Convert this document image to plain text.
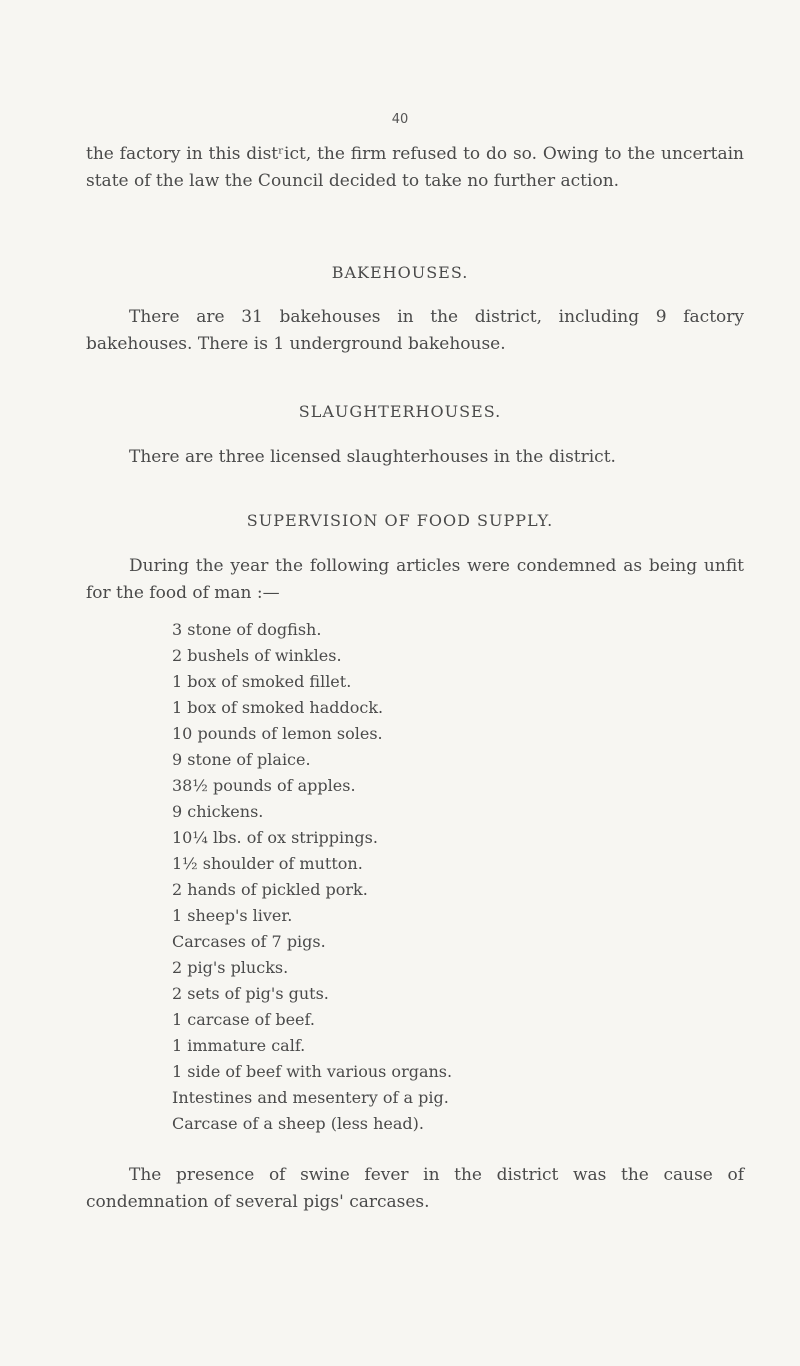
40

the factory in this distʳict, the firm refused to do so. Owing to the uncertain state of the law the Council decided to take no further action.

BAKEHOUSES.

There are 31 bakehouses in the district, including 9 factory bakehouses. There is 1 underground bakehouse.

SLAUGHTERHOUSES.

There are three licensed slaughterhouses in the district.

SUPERVISION OF FOOD SUPPLY.

During the year the following articles were condemned as being unfit for the food of man :—

3 stone of dogfish.
2 bushels of winkles.
1 box of smoked fillet.
1 box of smoked haddock.
10 pounds of lemon soles.
9 stone of plaice.
38½ pounds of apples.
9 chickens.
10¼ lbs. of ox strippings.
1½ shoulder of mutton.
2 hands of pickled pork.
1 sheep's liver.
Carcases of 7 pigs.
2 pig's plucks.
2 sets of pig's guts.
1 carcase of beef.
1 immature calf.
1 side of beef with various organs.
Intestines and mesentery of a pig.
Carcase of a sheep (less head).

The presence of swine fever in the district was the cause of condemnation of several pigs' carcases.
